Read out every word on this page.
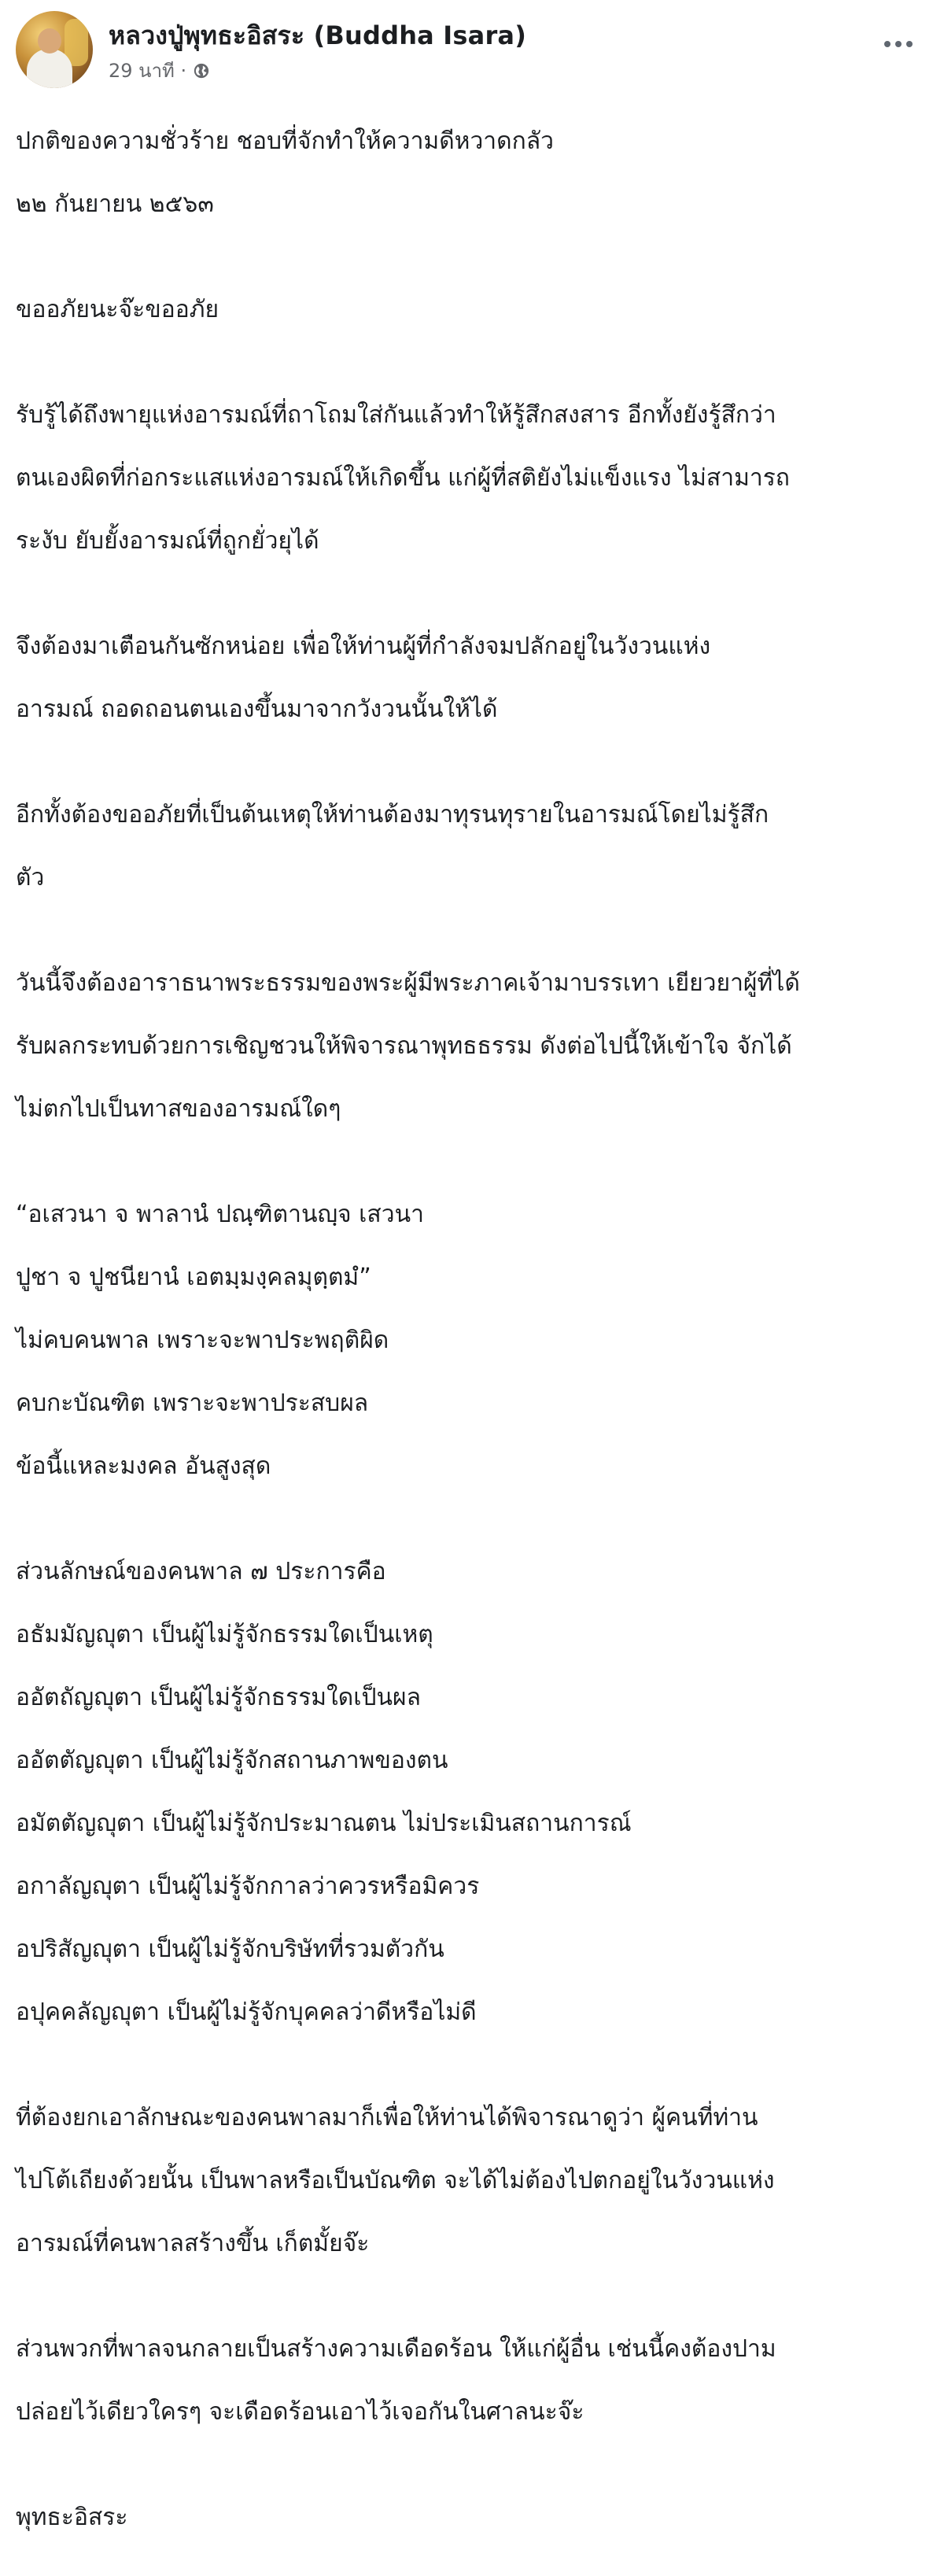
หลวงปู่พุทธะอิสระ (Buddha Isara)
29 นาที ·

ปกติของความชั่วร้าย ชอบที่จักทำให้ความดีหวาดกลัว

๒๒ กันยายน ๒๕๖๓

ขออภัยนะจ๊ะขออภัย

รับรู้ได้ถึงพายุแห่งอารมณ์ที่ถาโถมใส่กันแล้วทำให้รู้สึกสงสาร อีกทั้งยังรู้สึกว่า

ตนเองผิดที่ก่อกระแสแห่งอารมณ์ให้เกิดขึ้น แก่ผู้ที่สติยังไม่แข็งแรง ไม่สามารถ

ระงับ ยับยั้งอารมณ์ที่ถูกยั่วยุได้

จึงต้องมาเตือนกันซักหน่อย เพื่อให้ท่านผู้ที่กำลังจมปลักอยู่ในวังวนแห่ง

อารมณ์ ถอดถอนตนเองขึ้นมาจากวังวนนั้นให้ได้

อีกทั้งต้องขออภัยที่เป็นต้นเหตุให้ท่านต้องมาทุรนทุรายในอารมณ์โดยไม่รู้สึก

ตัว

วันนี้จึงต้องอาราธนาพระธรรมของพระผู้มีพระภาคเจ้ามาบรรเทา เยียวยาผู้ที่ได้

รับผลกระทบด้วยการเชิญชวนให้พิจารณาพุทธธรรม ดังต่อไปนี้ให้เข้าใจ จักได้

ไม่ตกไปเป็นทาสของอารมณ์ใดๆ

“อเสวนา จ พาลานํ ปณฺฑิตานญฺจ เสวนา

ปูชา จ ปูชนียานํ เอตมฺมงฺคลมุตฺตมํ”

ไม่คบคนพาล เพราะจะพาประพฤติผิด

คบกะบัณฑิต เพราะจะพาประสบผล

ข้อนี้แหละมงคล อันสูงสุด

ส่วนลักษณ์ของคนพาล ๗ ประการคือ

อธัมมัญญุตา เป็นผู้ไม่รู้จักธรรมใดเป็นเหตุ

ออัตถัญญุตา เป็นผู้ไม่รู้จักธรรมใดเป็นผล

ออัตตัญญุตา เป็นผู้ไม่รู้จักสถานภาพของตน

อมัตตัญญุตา เป็นผู้ไม่รู้จักประมาณตน ไม่ประเมินสถานการณ์

อกาลัญญุตา เป็นผู้ไม่รู้จักกาลว่าควรหรือมิควร

อปริสัญญุตา เป็นผู้ไม่รู้จักบริษัทที่รวมตัวกัน

อปุคคลัญญุตา เป็นผู้ไม่รู้จักบุคคลว่าดีหรือไม่ดี

ที่ต้องยกเอาลักษณะของคนพาลมาก็เพื่อให้ท่านได้พิจารณาดูว่า ผู้คนที่ท่าน

ไปโต้เถียงด้วยนั้น เป็นพาลหรือเป็นบัณฑิต จะได้ไม่ต้องไปตกอยู่ในวังวนแห่ง

อารมณ์ที่คนพาลสร้างขึ้น เก็ตมั้ยจ๊ะ

ส่วนพวกที่พาลจนกลายเป็นสร้างความเดือดร้อน ให้แก่ผู้อื่น เช่นนี้คงต้องปาม

ปล่อยไว้เดียวใครๆ จะเดือดร้อนเอาไว้เจอกันในศาลนะจ๊ะ

พุทธะอิสระ
